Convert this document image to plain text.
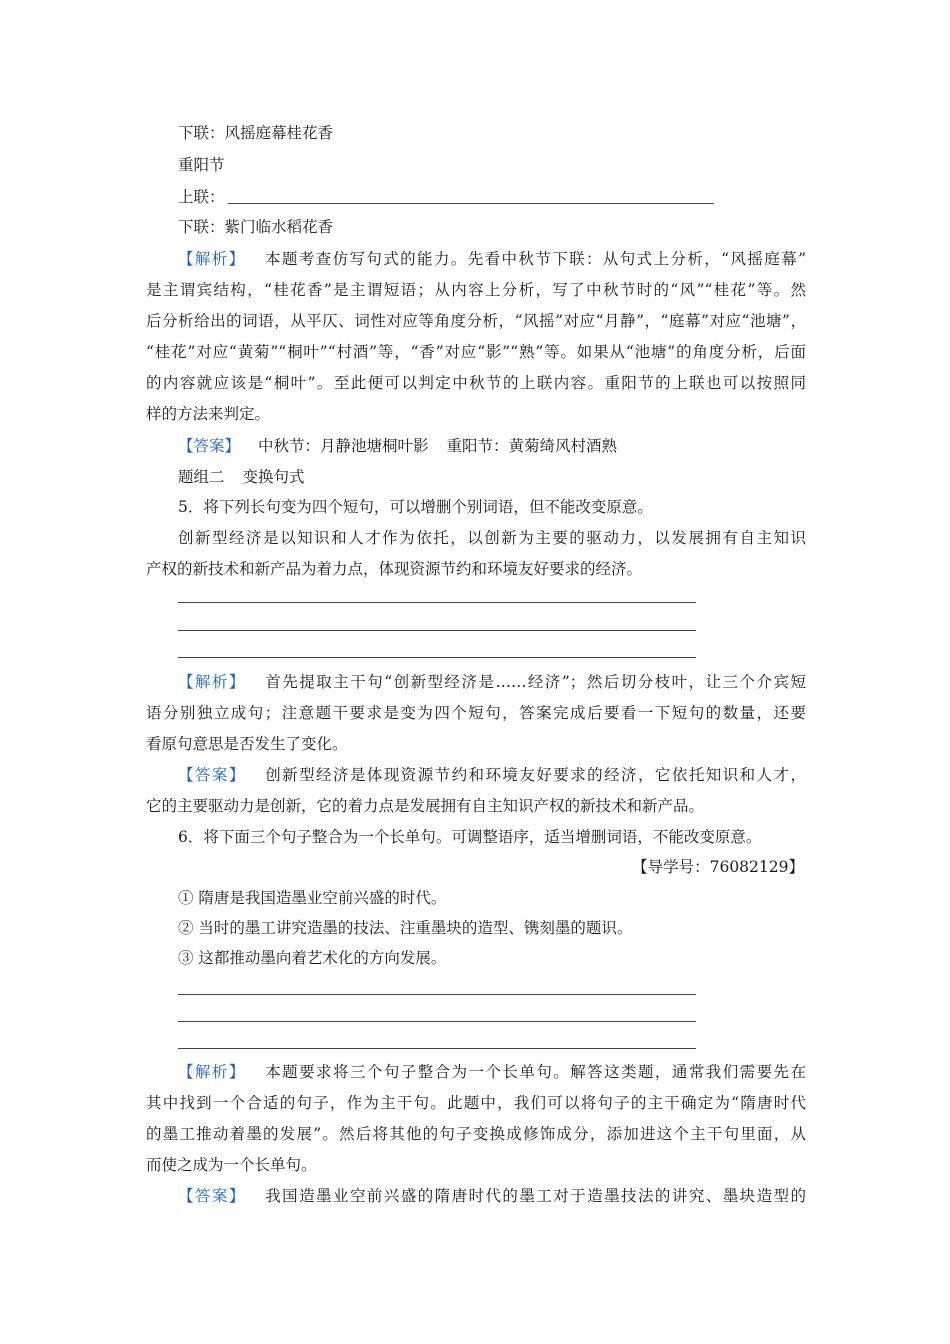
下联：风摇庭幕桂花香
重阳节
上联：
下联：紫门临水稻花香
【解析】 本题考查仿写句式的能力。先看中秋节下联：从句式上分析，“风摇庭幕”
是主谓宾结构，“桂花香”是主谓短语；从内容上分析，写了中秋节时的“风”“桂花”等。然
后分析给出的词语，从平仄、词性对应等角度分析，“风摇”对应“月静”，“庭幕”对应“池塘”，
“桂花”对应“黄菊”“桐叶”“村酒”等，“香”对应“影”“熟”等。如果从“池塘”的角度分析，后面
的内容就应该是“桐叶”。至此便可以判定中秋节的上联内容。重阳节的上联也可以按照同
样的方法来判定。
【答案】 中秋节：月静池塘桐叶影 重阳节：黄菊绮风村酒熟
题组二 变换句式
5．将下列长句变为四个短句，可以增删个别词语，但不能改变原意。
创新型经济是以知识和人才作为依托，以创新为主要的驱动力，以发展拥有自主知识
产权的新技术和新产品为着力点，体现资源节约和环境友好要求的经济。
【解析】 首先提取主干句“创新型经济是……经济”；然后切分枝叶，让三个介宾短
语分别独立成句；注意题干要求是变为四个短句，答案完成后要看一下短句的数量，还要
看原句意思是否发生了变化。
【答案】 创新型经济是体现资源节约和环境友好要求的经济，它依托知识和人才，
它的主要驱动力是创新，它的着力点是发展拥有自主知识产权的新技术和新产品。
6．将下面三个句子整合为一个长单句。可调整语序，适当增删词语，不能改变原意。
【导学号：76082129】
① 隋唐是我国造墨业空前兴盛的时代。
② 当时的墨工讲究造墨的技法、注重墨块的造型、镌刻墨的题识。
③ 这都推动墨向着艺术化的方向发展。
【解析】 本题要求将三个句子整合为一个长单句。解答这类题，通常我们需要先在
其中找到一个合适的句子，作为主干句。此题中，我们可以将句子的主干确定为“隋唐时代
的墨工推动着墨的发展”。然后将其他的句子变换成修饰成分，添加进这个主干句里面，从
而使之成为一个长单句。
【答案】 我国造墨业空前兴盛的隋唐时代的墨工对于造墨技法的讲究、墨块造型的
